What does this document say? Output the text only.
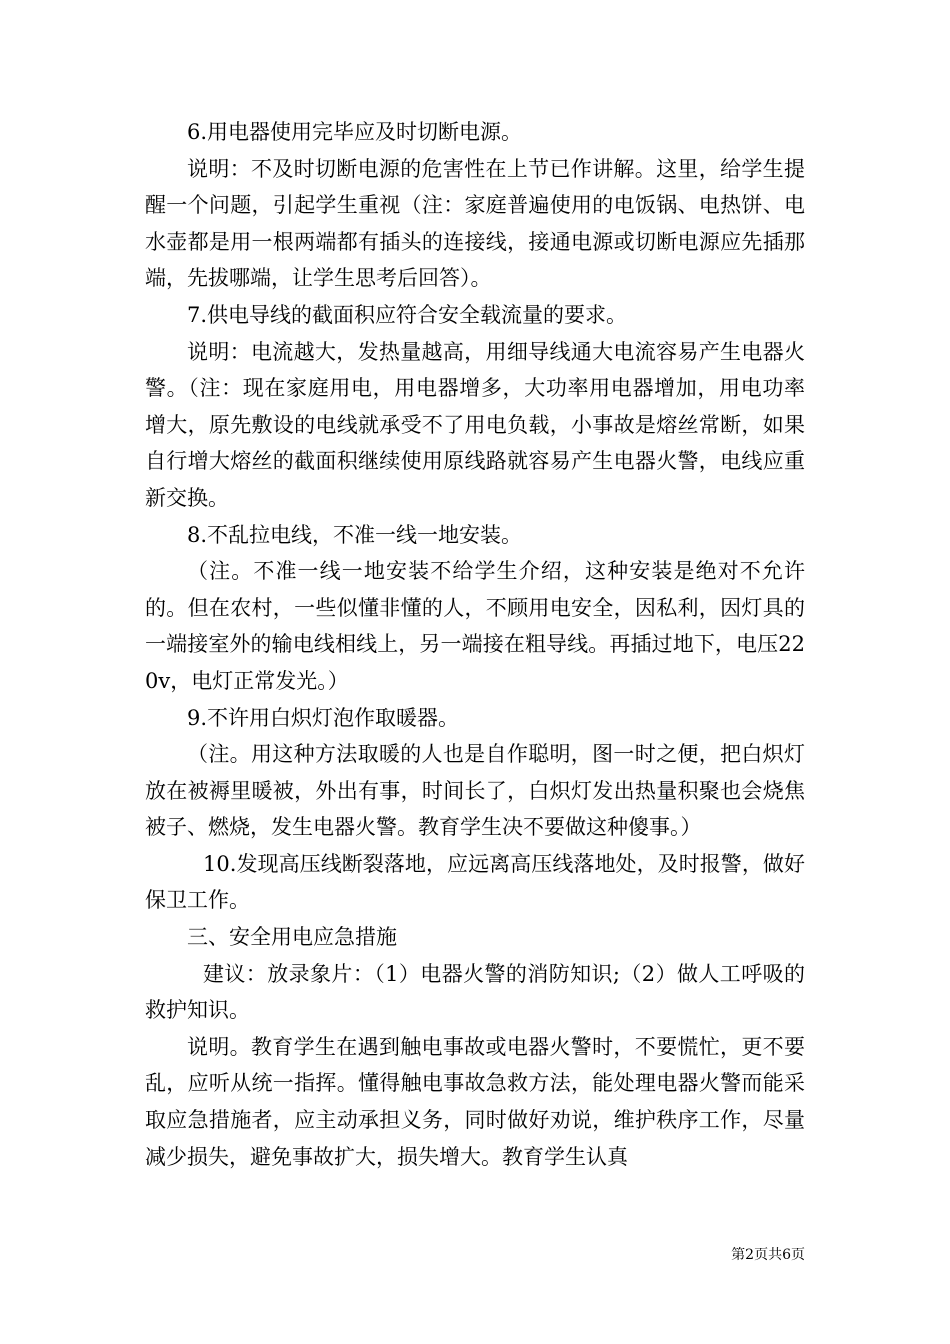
6.用电器使用完毕应及时切断电源。

说明：不及时切断电源的危害性在上节已作讲解。这里，给学生提醒一个问题，引起学生重视（注：家庭普遍使用的电饭锅、电热饼、电水壶都是用一根两端都有插头的连接线，接通电源或切断电源应先插那端，先拔哪端，让学生思考后回答）。

7.供电导线的截面积应符合安全载流量的要求。

说明：电流越大，发热量越高，用细导线通大电流容易产生电器火警。（注：现在家庭用电，用电器增多，大功率用电器增加，用电功率增大，原先敷设的电线就承受不了用电负载，小事故是熔丝常断，如果自行增大熔丝的截面积继续使用原线路就容易产生电器火警，电线应重新交换。

8.不乱拉电线，不准一线一地安装。

（注。不准一线一地安装不给学生介绍，这种安装是绝对不允许的。但在农村，一些似懂非懂的人，不顾用电安全，因私利，因灯具的一端接室外的输电线相线上，另一端接在粗导线。再插过地下，电压220v，电灯正常发光。）

9.不许用白炽灯泡作取暖器。

（注。用这种方法取暖的人也是自作聪明，图一时之便，把白炽灯放在被褥里暖被，外出有事，时间长了，白炽灯发出热量积聚也会烧焦被子、燃烧，发生电器火警。教育学生决不要做这种傻事。）

10.发现高压线断裂落地，应远离高压线落地处，及时报警，做好保卫工作。

三、安全用电应急措施

建议：放录象片：（1）电器火警的消防知识;（2）做人工呼吸的救护知识。

说明。教育学生在遇到触电事故或电器火警时，不要慌忙，更不要乱，应听从统一指挥。懂得触电事故急救方法，能处理电器火警而能采取应急措施者，应主动承担义务，同时做好劝说，维护秩序工作，尽量减少损失，避免事故扩大，损失增大。教育学生认真

第2页共6页
